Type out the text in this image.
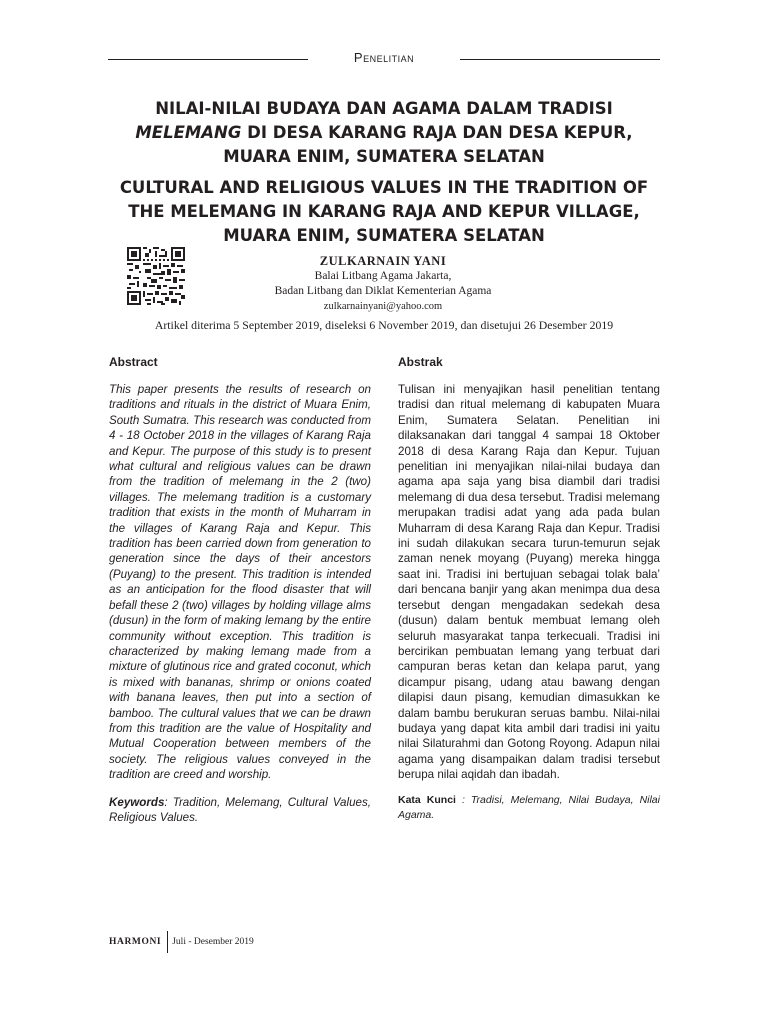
Penelitian
NILAI-NILAI BUDAYA DAN AGAMA DALAM TRADISI
MELEMANG DI DESA KARANG RAJA DAN DESA KEPUR,
MUARA ENIM, SUMATERA SELATAN
CULTURAL AND RELIGIOUS VALUES IN THE TRADITION OF
THE MELEMANG IN KARANG RAJA AND KEPUR VILLAGE,
MUARA ENIM, SUMATERA SELATAN
ZULKARNAIN YANI
Balai Litbang Agama Jakarta,
Badan Litbang dan Diklat Kementerian Agama
zulkarnainyani@yahoo.com
Artikel diterima 5 September 2019, diseleksi 6 November 2019, dan disetujui 26 Desember 2019
Abstract

This paper presents the results of research on traditions and rituals in the district of Muara Enim, South Sumatra. This research was conducted from 4 - 18 October 2018 in the villages of Karang Raja and Kepur. The purpose of this study is to present what cultural and religious values can be drawn from the tradition of melemang in the 2 (two) villages. The melemang tradition is a customary tradition that exists in the month of Muharram in the villages of Karang Raja and Kepur. This tradition has been carried down from generation to generation since the days of their ancestors (Puyang) to the present. This tradition is intended as an anticipation for the flood disaster that will befall these 2 (two) villages by holding village alms (dusun) in the form of making lemang by the entire community without exception. This tradition is characterized by making lemang made from a mixture of glutinous rice and grated coconut, which is mixed with bananas, shrimp or onions coated with banana leaves, then put into a section of bamboo. The cultural values that we can be drawn from this tradition are the value of Hospitality and Mutual Cooperation between members of the society. The religious values conveyed in the tradition are creed and worship.

Keywords: Tradition, Melemang, Cultural Values, Religious Values.
Abstrak

Tulisan ini menyajikan hasil penelitian tentang tradisi dan ritual melemang di kabupaten Muara Enim, Sumatera Selatan. Penelitian ini dilaksanakan dari tanggal 4 sampai 18 Oktober 2018 di desa Karang Raja dan Kepur. Tujuan penelitian ini menyajikan nilai-nilai budaya dan agama apa saja yang bisa diambil dari tradisi melemang di dua desa tersebut. Tradisi melemang merupakan tradisi adat yang ada pada bulan Muharram di desa Karang Raja dan Kepur. Tradisi ini sudah dilakukan secara turun-temurun sejak zaman nenek moyang (Puyang) mereka hingga saat ini. Tradisi ini bertujuan sebagai tolak bala’ dari bencana banjir yang akan menimpa dua desa tersebut dengan mengadakan sedekah desa (dusun) dalam bentuk membuat lemang oleh seluruh masyarakat tanpa terkecuali. Tradisi ini bercirikan pembuatan lemang yang terbuat dari campuran beras ketan dan kelapa parut, yang dicampur pisang, udang atau bawang dengan dilapisi daun pisang, kemudian dimasukkan ke dalam bambu berukuran seruas bambu. Nilai-nilai budaya yang dapat kita ambil dari tradisi ini yaitu nilai Silaturahmi dan Gotong Royong. Adapun nilai agama yang disampaikan dalam tradisi tersebut berupa nilai aqidah dan ibadah.

Kata Kunci : Tradisi, Melemang, Nilai Budaya, Nilai Agama.
HARMONI Juli - Desember 2019
